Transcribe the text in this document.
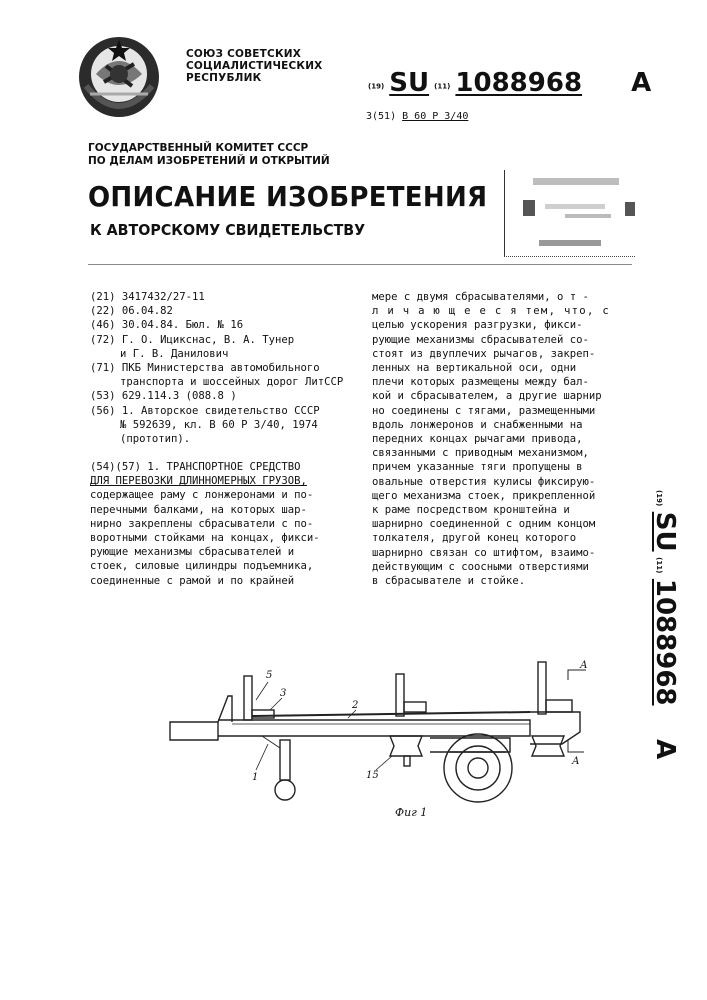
СОЮЗ СОВЕТСКИХ
СОЦИАЛИСТИЧЕСКИХ
РЕСПУБЛИК
(19) SU (11) 1088968 A
3(51) В 60 Р 3/40
ГОСУДАРСТВЕННЫЙ КОМИТЕТ СССР
ПО ДЕЛАМ ИЗОБРЕТЕНИЙ И ОТКРЫТИЙ
ОПИСАНИЕ ИЗОБРЕТЕНИЯ
К АВТОРСКОМУ СВИДЕТЕЛЬСТВУ
(21) 3417432/27-11
(22) 06.04.82
(46) 30.04.84. Бюл. № 16
(72) Г. О. Ицикснас, В. А. Тунер
и Г. В. Данилович
(71) ПКБ Министерства автомобильного
транспорта и шоссейных дорог ЛитССР
(53) 629.114.3 (088.8 )
(56) 1. Авторское свидетельство СССР
№ 592639, кл. В 60 Р 3/40, 1974
(прототип).
(54)(57) 1. ТРАНСПОРТНОЕ СРЕДСТВО
ДЛЯ ПЕРЕВОЗКИ ДЛИННОМЕРНЫХ ГРУЗОВ,
содержащее раму с лонжеронами и по-
перечными балками, на которых шар-
нирно закреплены сбрасыватели с по-
воротными стойками на концах, фикси-
рующие механизмы сбрасывателей и
стоек, силовые цилиндры подъемника,
соединенные с рамой и по крайней
мере с двумя сбрасывателями, о т -
л и ч а ю щ е е с я тем, что, с
целью ускорения разгрузки, фикси-
рующие механизмы сбрасывателей со-
стоят из двуплечих рычагов, закреп-
ленных на вертикальной оси, одни
плечи которых размещены между бал-
кой и сбрасывателем, а другие шарнир
но соединены с тягами, размещенными
вдоль лонжеронов и снабженными на
передних концах рычагами привода,
связанными с приводным механизмом,
причем указанные тяги пропущены в
овальные отверстия кулисы фиксирую-
щего механизма стоек, прикрепленной
к раме посредством кронштейна и
шарнирно соединенной с одним концом
толкателя, другой конец которого
шарнирно связан со штифтом, взаимо-
действующим с соосными отверстиями
в сбрасывателе и стойке.
(19) SU (11) 1088968 A
5
3
2
1	15
А
А
Фиг 1
